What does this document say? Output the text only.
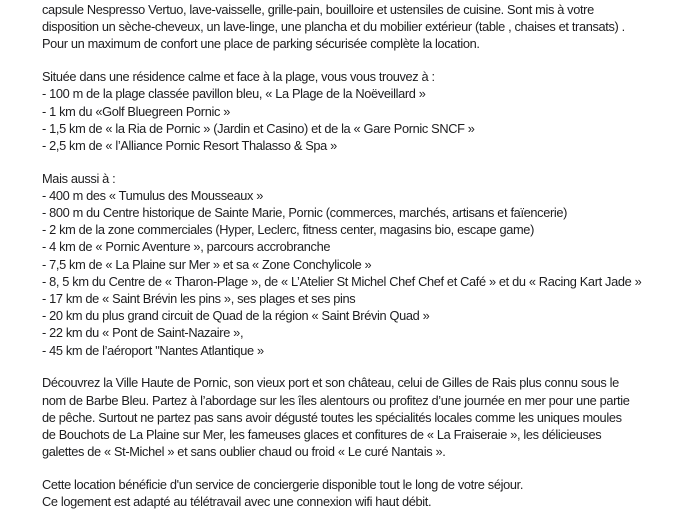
capsule Nespresso Vertuo, lave-vaisselle, grille-pain, bouilloire et ustensiles de cuisine. Sont mis à votre
disposition un sèche-cheveux, un lave-linge, une plancha et du mobilier extérieur (table , chaises et transats) .
Pour un maximum de confort une place de parking sécurisée complète la location.
Située dans une résidence calme et face à la plage, vous vous trouvez à :
- 100 m de la plage classée pavillon bleu, « La Plage de la Noëveillard »
- 1 km du «Golf Bluegreen Pornic »
- 1,5 km de « la Ria de Pornic » (Jardin et Casino) et de la « Gare Pornic SNCF »
- 2,5 km de « l’Alliance Pornic Resort Thalasso & Spa »
Mais aussi à :
- 400 m des « Tumulus des Mousseaux »
- 800 m du Centre historique de Sainte Marie, Pornic (commerces, marchés, artisans et faïencerie)
- 2 km de la zone commerciales (Hyper, Leclerc, fitness center, magasins bio, escape game)
- 4 km de « Pornic Aventure », parcours accrobranche
- 7,5 km de « La Plaine sur Mer » et sa « Zone Conchylicole »
- 8, 5 km du Centre de « Tharon-Plage », de « L’Atelier St Michel Chef Chef et Café » et du « Racing Kart Jade »
- 17 km de « Saint Brévin les pins », ses plages et ses pins
- 20 km du plus grand circuit de Quad de la région « Saint Brévin Quad »
- 22 km du « Pont de Saint-Nazaire »,
- 45 km de l’aéroport "Nantes Atlantique »
Découvrez la Ville Haute de Pornic, son vieux port et son château, celui de Gilles de Rais plus connu sous le
nom de Barbe Bleu. Partez à l’abordage sur les îles alentours ou profitez d’une journée en mer pour une partie
de pêche. Surtout ne partez pas sans avoir dégusté toutes les spécialités locales comme les uniques moules
de Bouchots de La Plaine sur Mer, les fameuses glaces et confitures de « La Fraiseraie », les délicieuses
galettes de « St-Michel » et sans oublier chaud ou froid « Le curé Nantais ».
Cette location bénéficie d'un service de conciergerie disponible tout le long de votre séjour.
Ce logement est adapté au télétravail avec une connexion wifi haut débit.
